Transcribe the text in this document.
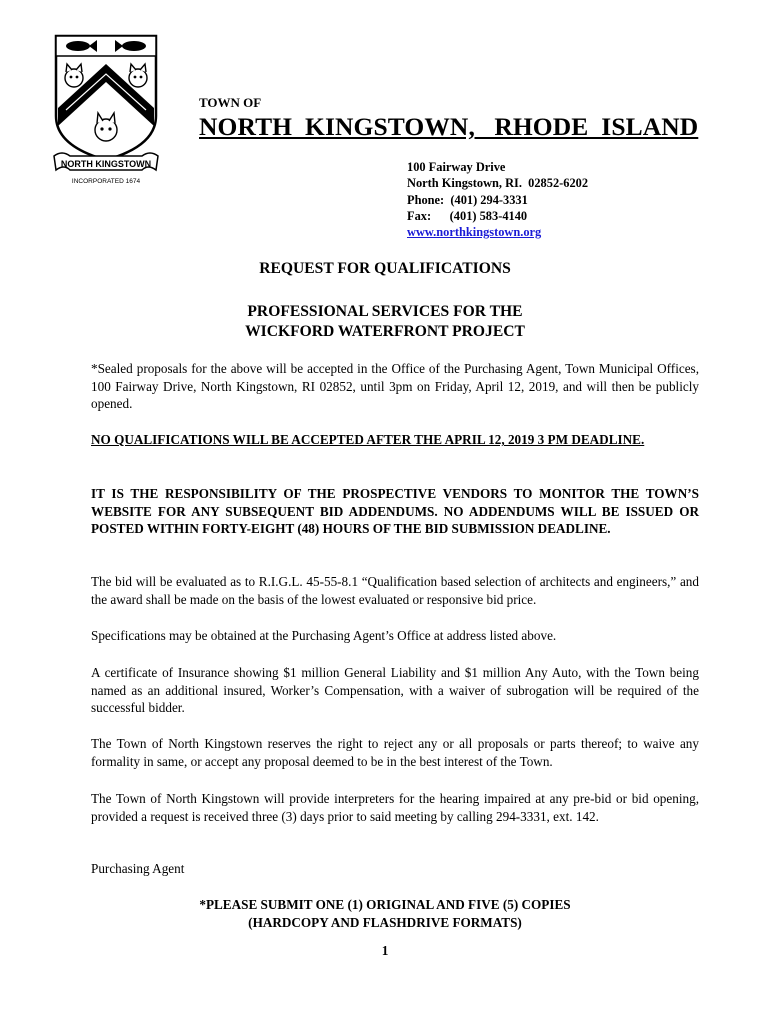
NORTH KINGSTOWN
INCORPORATED 1674
TOWN OF
NORTH  KINGSTOWN,   RHODE  ISLAND
100 Fairway Drive
North Kingstown, RI.  02852-6202
Phone:  (401) 294-3331
Fax:      (401) 583-4140
www.northkingstown.org
REQUEST FOR QUALIFICATIONS
PROFESSIONAL SERVICES FOR THE
WICKFORD WATERFRONT PROJECT
*Sealed proposals for the above will be accepted in the Office of the Purchasing Agent, Town Municipal Offices, 100 Fairway Drive, North Kingstown, RI 02852, until 3pm on Friday, April 12, 2019, and will then be publicly opened.
NO QUALIFICATIONS WILL BE ACCEPTED AFTER THE APRIL 12, 2019 3 PM DEADLINE.
IT IS THE RESPONSIBILITY OF THE PROSPECTIVE VENDORS TO MONITOR THE TOWN’S WEBSITE FOR ANY SUBSEQUENT BID ADDENDUMS. NO ADDENDUMS WILL BE ISSUED OR POSTED WITHIN FORTY-EIGHT (48) HOURS OF THE BID SUBMISSION DEADLINE.
The bid will be evaluated as to R.I.G.L. 45-55-8.1 “Qualification based selection of architects and engineers,” and the award shall be made on the basis of the lowest evaluated or responsive bid price.
Specifications may be obtained at the Purchasing Agent’s Office at address listed above.
A certificate of Insurance showing $1 million General Liability and $1 million Any Auto, with the Town being named as an additional insured, Worker’s Compensation, with a waiver of subrogation will be required of the successful bidder.
The Town of North Kingstown reserves the right to reject any or all proposals or parts thereof; to waive any formality in same, or accept any proposal deemed to be in the best interest of the Town.
The Town of North Kingstown will provide interpreters for the hearing impaired at any pre-bid or bid opening, provided a request is received three (3) days prior to said meeting by calling 294-3331, ext. 142.
Purchasing Agent
*PLEASE SUBMIT ONE (1) ORIGINAL AND FIVE (5) COPIES
(HARDCOPY AND FLASHDRIVE FORMATS)
1
